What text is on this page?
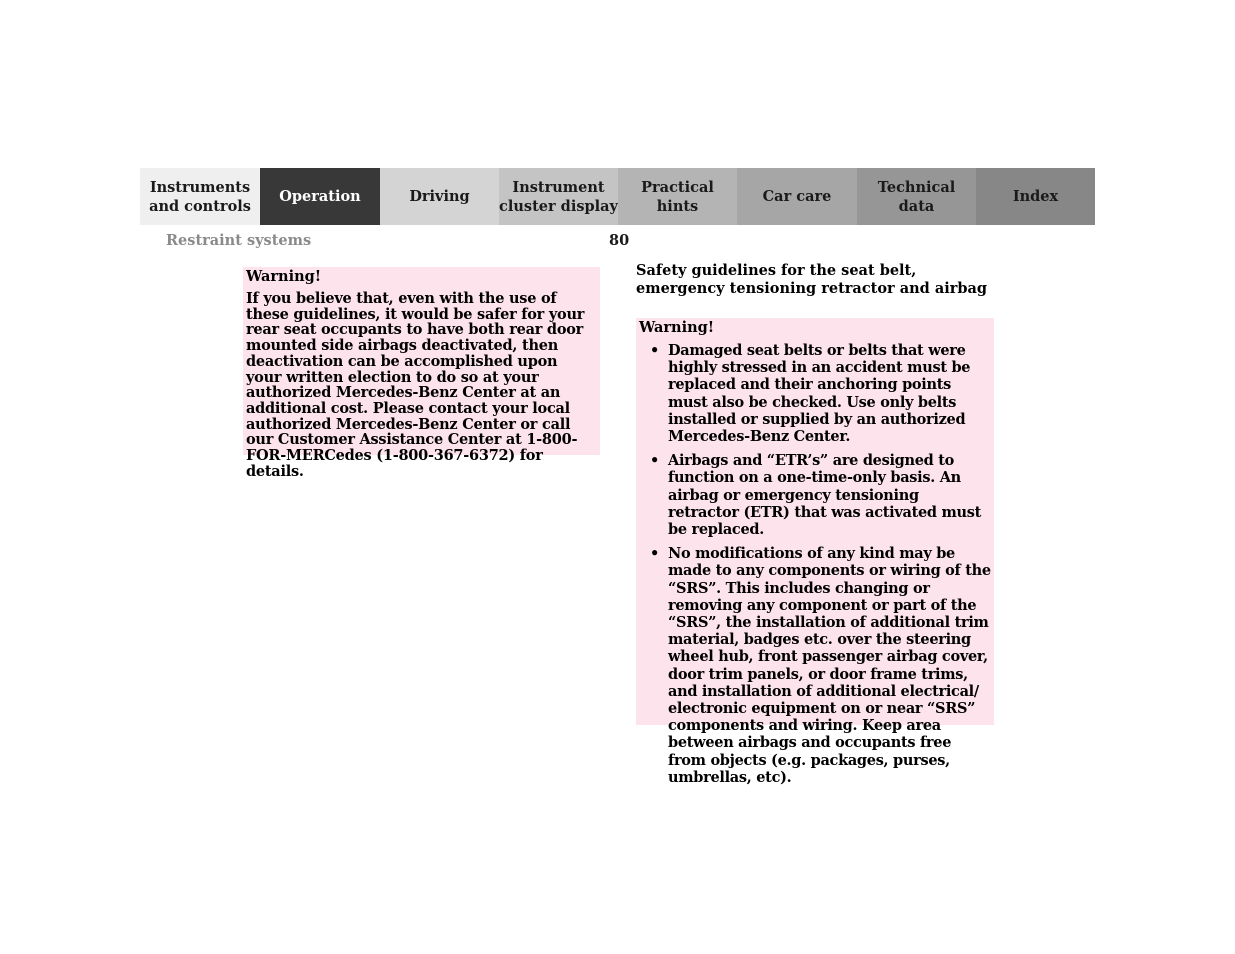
Instruments
and controls
Operation	Driving
Instrument
cluster display
Practical hints
Car care
Technical
data
Index
Restraint systems	80
Warning!
If you believe that, even with the use of these guidelines, it would be safer for your rear seat occupants to have both rear door mounted side airbags deactivated, then deactivation can be accomplished upon your written election to do so at your authorized Mercedes-Benz Center at an additional cost. Please contact your local authorized Mercedes-Benz Center or call our Customer Assistance Center at 1-800-FOR-MERCedes (1-800-367-6372) for details.
Safety guidelines for the seat belt, emergency tensioning retractor and airbag
Warning!
• Damaged seat belts or belts that were highly stressed in an accident must be replaced and their anchoring points must also be checked. Use only belts installed or supplied by an authorized Mercedes-Benz Center.
• Airbags and “ETR’s” are designed to function on a one-time-only basis. An airbag or emergency tensioning retractor (ETR) that was activated must be replaced.
• No modifications of any kind may be made to any components or wiring of the “SRS”. This includes changing or removing any component or part of the “SRS”, the installation of additional trim material, badges etc. over the steering wheel hub, front passenger airbag cover, door trim panels, or door frame trims, and installation of additional electrical/ electronic equipment on or near “SRS” components and wiring. Keep area between airbags and occupants free from objects (e.g. packages, purses, umbrellas, etc).
